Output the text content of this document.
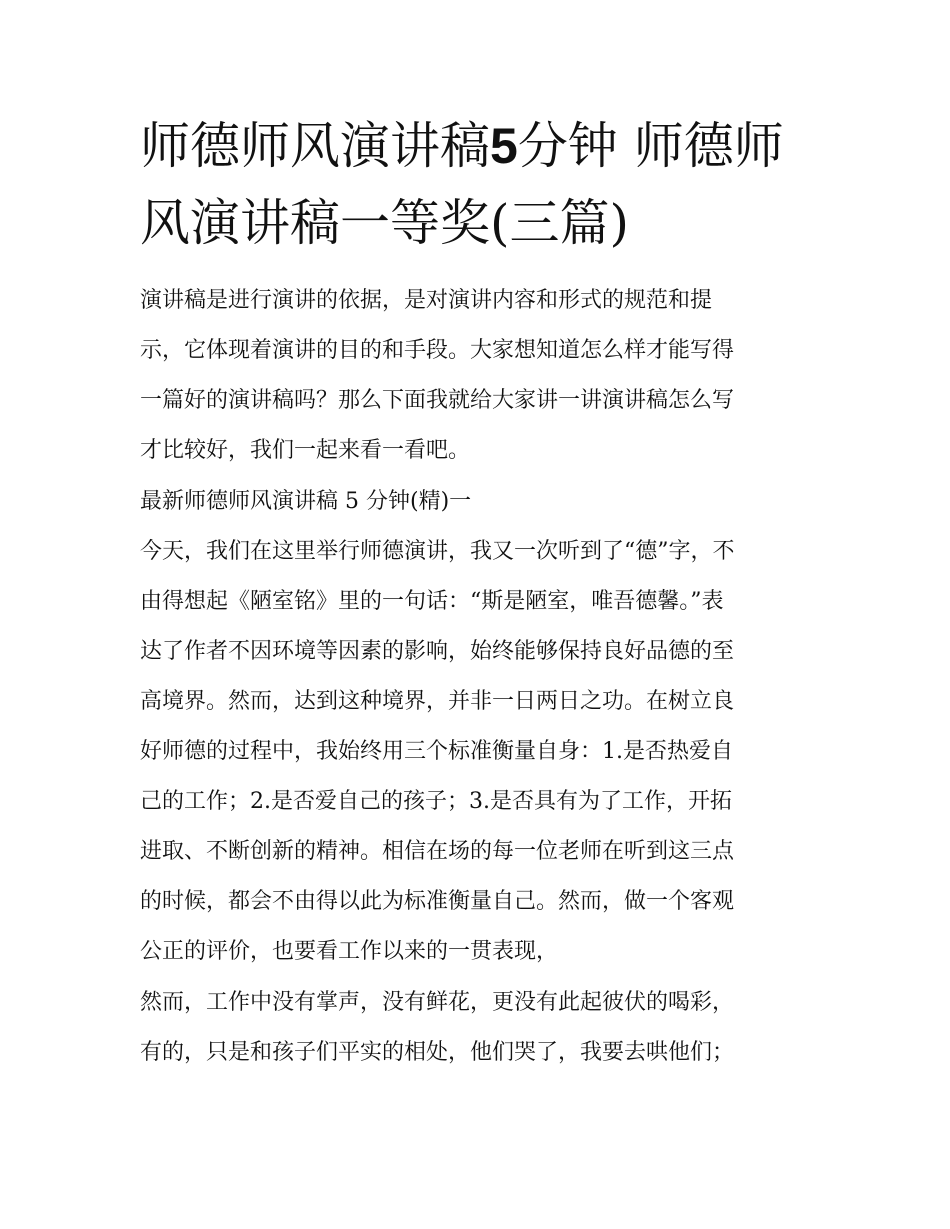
师德师风演讲稿5分钟 师德师
风演讲稿一等奖(三篇)

演讲稿是进行演讲的依据，是对演讲内容和形式的规范和提
示，它体现着演讲的目的和手段。大家想知道怎么样才能写得
一篇好的演讲稿吗？那么下面我就给大家讲一讲演讲稿怎么写
才比较好，我们一起来看一看吧。

最新师德师风演讲稿 5 分钟(精)一

今天，我们在这里举行师德演讲，我又一次听到了“德”字，不
由得想起《陋室铭》里的一句话：“斯是陋室，唯吾德馨。”表
达了作者不因环境等因素的影响，始终能够保持良好品德的至
高境界。然而，达到这种境界，并非一日两日之功。在树立良
好师德的过程中，我始终用三个标准衡量自身：1.是否热爱自
己的工作；2.是否爱自己的孩子；3.是否具有为了工作，开拓
进取、不断创新的精神。相信在场的每一位老师在听到这三点
的时候，都会不由得以此为标准衡量自己。然而，做一个客观
公正的评价，也要看工作以来的一贯表现，

然而，工作中没有掌声，没有鲜花，更没有此起彼伏的喝彩，
有的，只是和孩子们平实的相处，他们哭了，我要去哄他们；
